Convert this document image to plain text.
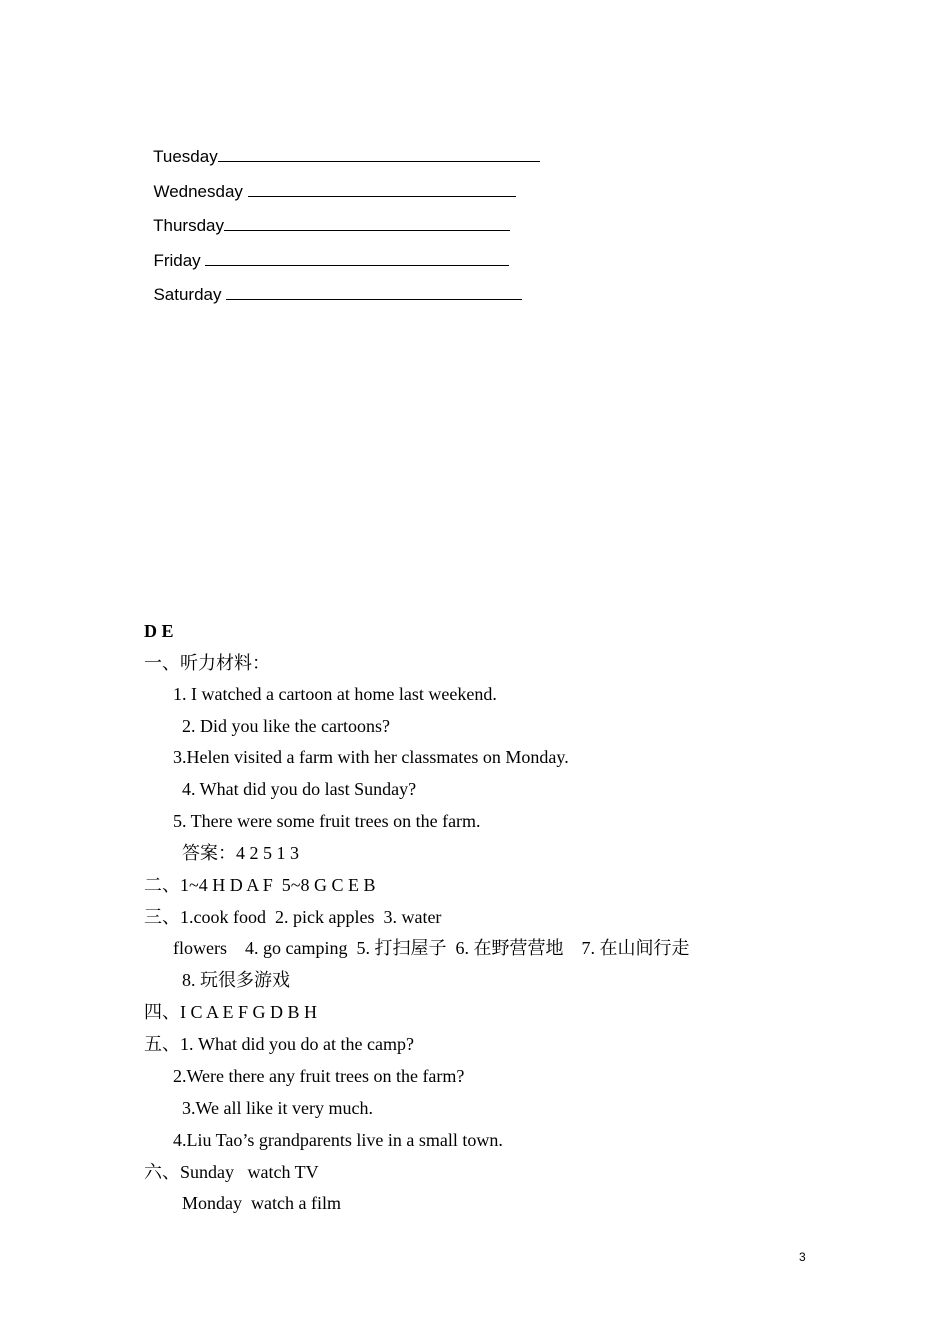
Tuesday

Wednesday

Thursday

Friday

Saturday

D E
一、听力材料：
1. I watched a cartoon at home last weekend.
2. Did you like the cartoons?
3.Helen visited a farm with her classmates on Monday.
4. What did you do last Sunday?
5. There were some fruit trees on the farm.
答案：4 2 5 1 3
二、1~4 H D A F  5~8 G C E B
三、1.cook food  2. pick apples  3. water
flowers    4. go camping  5. 打扫屋子  6. 在野营营地    7. 在山间行走
8. 玩很多游戏
四、I C A E F G D B H
五、1. What did you do at the camp?
2.Were there any fruit trees on the farm?
3.We all like it very much.
4.Liu Tao’s grandparents live in a small town.
六、Sunday   watch TV
Monday  watch a film
3
